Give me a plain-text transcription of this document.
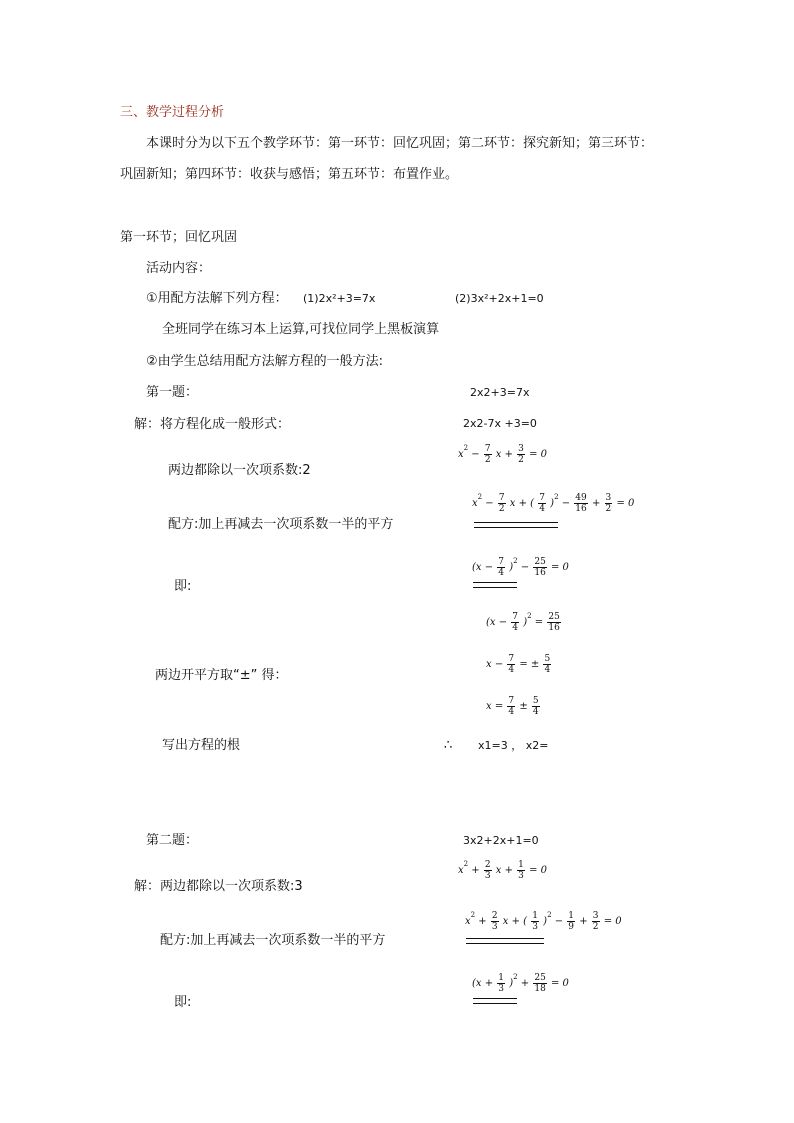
三、教学过程分析
本课时分为以下五个教学环节：第一环节：回忆巩固；第二环节：探究新知；第三环节：
巩固新知；第四环节：收获与感悟；第五环节：布置作业。
第一环节；回忆巩固
活动内容：
①用配方法解下列方程： (1)2x²+3=7x	(2)3x²+2x+1=0
全班同学在练习本上运算,可找位同学上黑板演算
②由学生总结用配方法解方程的一般方法:
第一题：	2x2+3=7x
解：将方程化成一般形式：	2x2-7x +3=0
$x2 - \frac{7}{2}$ $x + \frac{3}{2} = 0$
两边都除以一次项系数:2
$x2 - \frac{7}{2}$ x + ( $\frac{7}{4} )2 - \frac{49}{16} + \frac{3}{2} = 0$
配方:加上再减去一次项系数一半的平方
$(x - \frac{7}{4} )2 - \frac{25}{16} = 0$
即:
$(x - \frac{7}{4} )2 = \frac{25}{16}$
$x - \frac{7}{4}$ = ± $\frac{5}{4}$
两边开平方取“±” 得：
$x = \frac{7}{4} \pm \frac{5}{4}$
写出方程的根	∴ x1=3 ， x2=
第二题：	3x2+2x+1=0
$x2 + \frac{2}{3}$ $x + \frac{1}{3} = 0$
解：两边都除以一次项系数:3
$x2 + \frac{2}{3}$ x + ( $\frac{1}{3} )2 - \frac{1}{9} + \frac{3}{2} = 0$
配方:加上再减去一次项系数一半的平方
$(x + \frac{1}{3} )2 + \frac{25}{18} = 0$
即:
